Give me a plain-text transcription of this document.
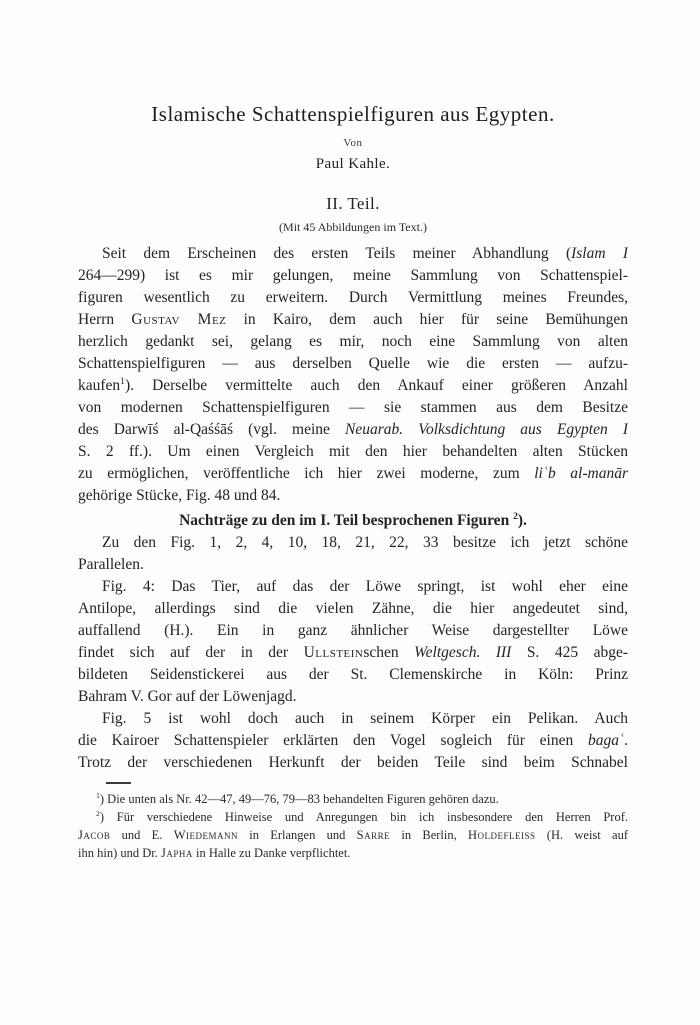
Islamische Schattenspielfiguren aus Egypten.
Von
Paul Kahle.
II. Teil.
(Mit 45 Abbildungen im Text.)
Seit dem Erscheinen des ersten Teils meiner Abhandlung (Islam I
264—299) ist es mir gelungen, meine Sammlung von Schattenspiel-
figuren wesentlich zu erweitern. Durch Vermittlung meines Freundes,
Herrn Gustav Mez in Kairo, dem auch hier für seine Bemühungen
herzlich gedankt sei, gelang es mir, noch eine Sammlung von alten
Schattenspielfiguren — aus derselben Quelle wie die ersten — aufzu-
kaufen$^1$). Derselbe vermittelte auch den Ankauf einer größeren Anzahl
von modernen Schattenspielfiguren — sie stammen aus dem Besitze
des Darwīś al-Qaśśāś (vgl. meine Neuarab. Volksdichtung aus Egypten I
S. 2 ff.). Um einen Vergleich mit den hier behandelten alten Stücken
zu ermöglichen, veröffentliche ich hier zwei moderne, zum liʿb al-manār
gehörige Stücke, Fig. 48 und 84.
Nachträge zu den im I. Teil besprochenen Figuren $^2$).
Zu den Fig. 1, 2, 4, 10, 18, 21, 22, 33 besitze ich jetzt schöne
Parallelen.
Fig. 4: Das Tier, auf das der Löwe springt, ist wohl eher eine
Antilope, allerdings sind die vielen Zähne, die hier angedeutet sind,
auffallend (H.). Ein in ganz ähnlicher Weise dargestellter Löwe
findet sich auf der in der Ullsteinschen Weltgesch. III S. 425 abge-
bildeten Seidenstickerei aus der St. Clemenskirche in Köln: Prinz
Bahram V. Gor auf der Löwenjagd.
Fig. 5 ist wohl doch auch in seinem Körper ein Pelikan. Auch
die Kairoer Schattenspieler erklärten den Vogel sogleich für einen bagaʿ.
Trotz der verschiedenen Herkunft der beiden Teile sind beim Schnabel
$^1$) Die unten als Nr. 42—47, 49—76, 79—83 behandelten Figuren gehören dazu.
$^2$) Für verschiedene Hinweise und Anregungen bin ich insbesondere den Herren Prof.
Jacob und E. Wiedemann in Erlangen und Sarre in Berlin, Holdefleiss (H. weist auf
ihn hin) und Dr. Japha in Halle zu Danke verpflichtet.
